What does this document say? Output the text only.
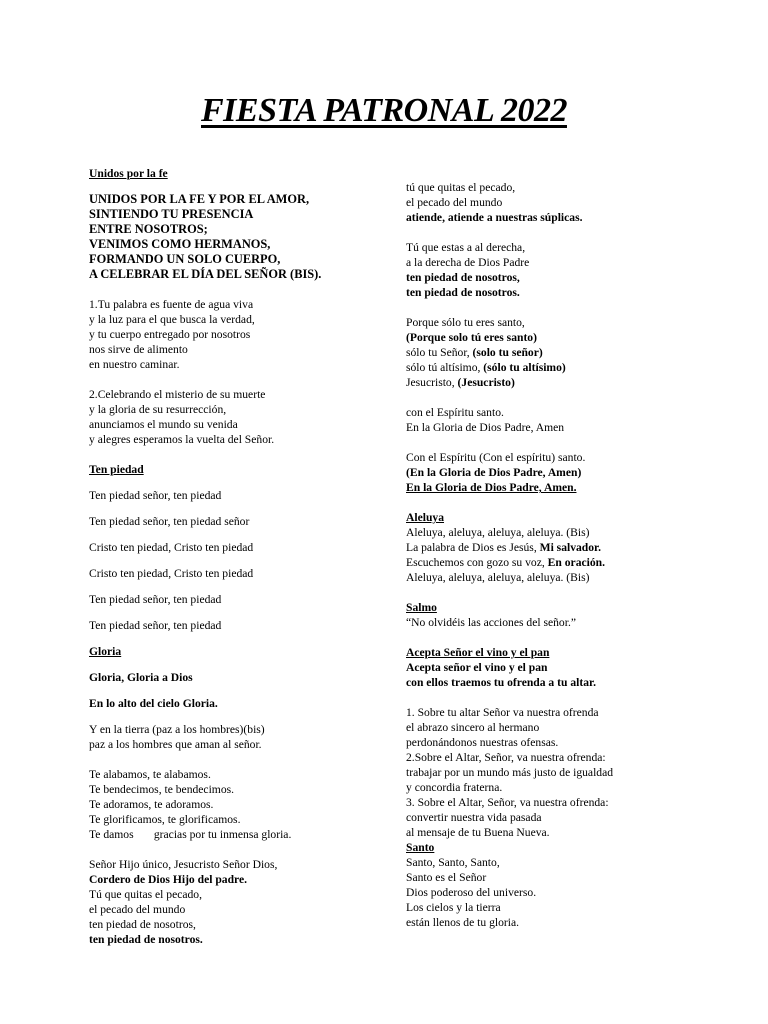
FIESTA PATRONAL 2022

Unidos por la fe

UNIDOS POR LA FE Y POR EL AMOR,

SINTIENDO TU PRESENCIA

ENTRE NOSOTROS;

VENIMOS COMO HERMANOS,

FORMANDO UN SOLO CUERPO,

A CELEBRAR EL DÍA DEL SEÑOR (BIS).

1.Tu palabra es fuente de agua viva

y la luz para el que busca la verdad,

y tu cuerpo entregado por nosotros

nos sirve de alimento

en nuestro caminar.

2.Celebrando el misterio de su muerte

y la gloria de su resurrección,

anunciamos el mundo su venida

y alegres esperamos la vuelta del Señor.

Ten piedad

Ten piedad señor, ten piedad

Ten piedad señor, ten piedad señor

Cristo ten piedad, Cristo ten piedad

Cristo ten piedad, Cristo ten piedad

Ten piedad señor, ten piedad

Ten piedad señor, ten piedad

Gloria

Gloria, Gloria a Dios

En lo alto del cielo Gloria.

Y en la tierra (paz a los hombres)(bis)

paz a los hombres que aman al señor.

Te alabamos, te alabamos.

Te bendecimos, te bendecimos.

Te adoramos, te adoramos.

Te glorificamos, te glorificamos.

Te damos       gracias por tu inmensa gloria.

Señor Hijo único, Jesucristo Señor Dios,

Cordero de Dios Hijo del padre.

Tú que quitas el pecado,

el pecado del mundo

ten piedad de nosotros,

ten piedad de nosotros.

tú que quitas el pecado,

el pecado del mundo

atiende, atiende a nuestras súplicas.

Tú que estas a al derecha,

a la derecha de Dios Padre

ten piedad de nosotros,

ten piedad de nosotros.

Porque sólo tu eres santo,

(Porque solo tú eres santo)

sólo tu Señor, (solo tu señor)

sólo tú altísimo, (sólo tu altísimo)

Jesucristo, (Jesucristo)

con el Espíritu santo.

En la Gloria de Dios Padre, Amen

Con el Espíritu (Con el espíritu) santo.

(En la Gloria de Dios Padre, Amen)

En la Gloria de Dios Padre, Amen.

Aleluya

Aleluya, aleluya, aleluya, aleluya. (Bis)

La palabra de Dios es Jesús, Mi salvador.

Escuchemos con gozo su voz, En oración.

Aleluya, aleluya, aleluya, aleluya. (Bis)

Salmo

“No olvidéis las acciones del señor.”

Acepta Señor el vino y el pan

Acepta señor el vino y el pan

con ellos traemos tu ofrenda a tu altar.

1. Sobre tu altar Señor va nuestra ofrenda

el abrazo sincero al hermano

perdonándonos nuestras ofensas.

2.Sobre el Altar, Señor, va nuestra ofrenda:

trabajar por un mundo más justo de igualdad

y concordia fraterna.

3. Sobre el Altar, Señor, va nuestra ofrenda:

convertir nuestra vida pasada

al mensaje de tu Buena Nueva.

Santo

Santo, Santo, Santo,

Santo es el Señor

Dios poderoso del universo.

Los cielos y la tierra

están llenos de tu gloria.
